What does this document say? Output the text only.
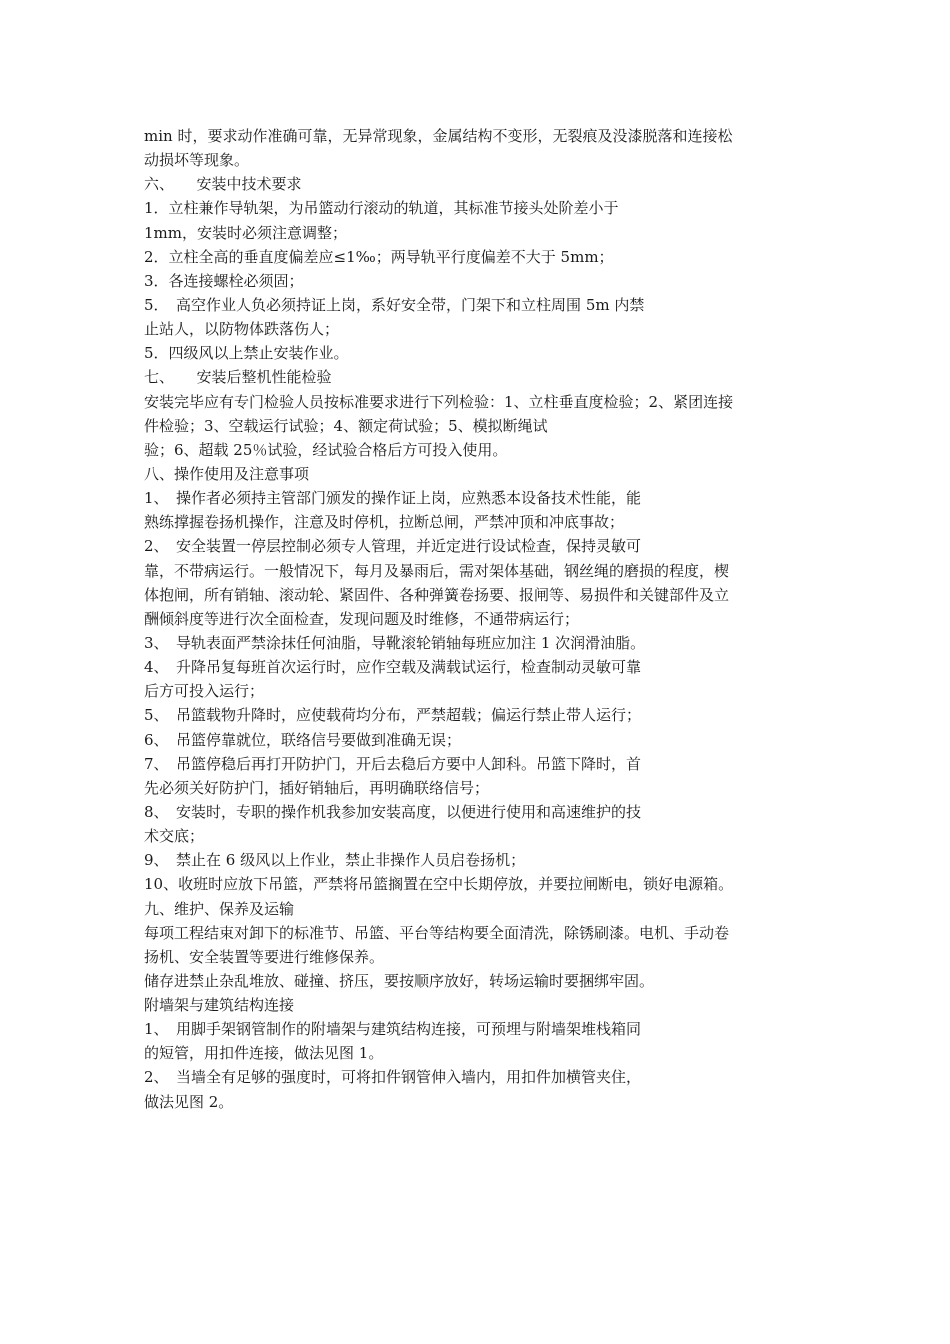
min 时，要求动作准确可靠，无异常现象，金属结构不变形，无裂痕及没漆脱落和连接松
动损坏等现象。
六、　　安装中技术要求
1．立柱兼作导轨架，为吊篮动行滚动的轨道，其标准节接头处阶差小于
1mm，安装时必须注意调整；
2．立柱全高的垂直度偏差应≤1‰；两导轨平行度偏差不大于 5mm；
3．各连接螺栓必须固；
5．　高空作业人负必须持证上岗，系好安全带，门架下和立柱周围 5m 内禁
止站人，以防物体跌落伤人；
5．四级风以上禁止安装作业。
七、　　安装后整机性能检验
安装完毕应有专门检验人员按标准要求进行下列检验：1、立柱垂直度检验；2、紧团连接
件检验；3、空载运行试验；4、额定荷试验；5、模拟断绳试
验；6、超载 25％试验，经试验合格后方可投入使用。
八、操作使用及注意事项
1、　操作者必须持主管部门颁发的操作证上岗，应熟悉本设备技术性能，能
熟练撑握卷扬机操作，注意及时停机，拉断总闸，严禁冲顶和冲底事故；
2、　安全装置一停层控制必须专人管理，并近定进行设试检查，保持灵敏可
靠，不带病运行。一般情况下，每月及暴雨后，需对架体基础，钢丝绳的磨损的程度，楔
体抱闸，所有销轴、滚动轮、紧固件、各种弹簧卷扬要、报闸等、易损件和关键部件及立
酬倾斜度等进行次全面检查，发现问题及时维修，不通带病运行；
3、　导轨表面严禁涂抹任何油脂，导靴滚轮销轴每班应加注 1 次润滑油脂。
4、　升降吊复每班首次运行时，应作空载及满载试运行，检查制动灵敏可靠
后方可投入运行；
5、　吊篮载物升降时，应使载荷均分布，严禁超载；偏运行禁止带人运行；
6、　吊篮停靠就位，联络信号要做到准确无误；
7、　吊篮停稳后再打开防护门，开后去稳后方要中人卸科。吊篮下降时，首
先必须关好防护门，插好销轴后，再明确联络信号；
8、　安装时，专职的操作机我参加安装高度，以便进行使用和高速维护的技
术交底；
9、　禁止在 6 级风以上作业，禁止非操作人员启卷扬机；
10、收班时应放下吊篮，严禁将吊篮搁置在空中长期停放，并要拉闸断电，锁好电源箱。
九、维护、保养及运输
每项工程结束对卸下的标准节、吊篮、平台等结构要全面清洗，除锈刷漆。电机、手动卷
扬机、安全装置等要进行维修保养。
储存进禁止杂乱堆放、碰撞、挤压，要按顺序放好，转场运输时要捆绑牢固。
附墙架与建筑结构连接
1、　用脚手架钢管制作的附墙架与建筑结构连接，可预埋与附墙架堆栈箱同
的短管，用扣件连接，做法见图 1。
2、　当墙全有足够的强度时，可将扣件钢管伸入墙内，用扣件加横管夹住，
做法见图 2。
